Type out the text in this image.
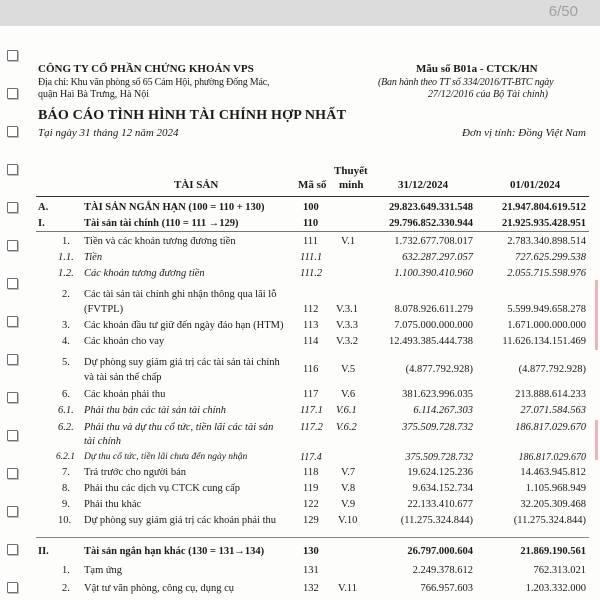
6/50
CÔNG TY CỔ PHẦN CHỨNG KHOÁN VPS
Địa chỉ: Khu văn phòng số 65 Cảm Hội, phường Đống Mác,
quận Hai Bà Trưng, Hà Nội
Mẫu số B01a - CTCK/HN
(Ban hành theo TT số 334/2016/TT-BTC ngày
27/12/2016 của Bộ Tài chính)
BÁO CÁO TÌNH HÌNH TÀI CHÍNH HỢP NHẤT
Tại ngày 31 tháng 12 năm 2024	Đơn vị tính: Đồng Việt Nam
TÀI SẢN	Mã số
Thuyết
minh	31/12/2024	01/01/2024
A.	TÀI SẢN NGẮN HẠN (100 = 110 + 130)	100	29.823.649.331.548	21.947.804.619.512
I.	Tài sản tài chính (110 = 111 →129)	110	29.796.852.330.944	21.925.935.428.951
1. Tiền và các khoản tương đương tiền	111 V.1	1.732.677.708.017	2.783.340.898.514
1.1. Tiền	111.1	632.287.297.057	727.625.299.538
1.2. Các khoản tương đương tiền	111.2	1.100.390.410.960	2.055.715.598.976
2. Các tài sản tài chính ghi nhận thông qua lãi lỗ
(FVTPL)	112 V.3.1	8.078.926.611.279	5.599.949.658.278
3. Các khoản đầu tư giữ đến ngày đáo hạn (HTM) 113 V.3.3	7.075.000.000.000	1.671.000.000.000
4. Các khoản cho vay	114 V.3.2	12.493.385.444.738	11.626.134.151.469
5. Dự phòng suy giảm giá trị các tài sản tài chính
và tài sản thế chấp
116 V.5	(4.877.792.928)	(4.877.792.928)
6. Các khoản phải thu	117 V.6	381.623.996.035	213.888.614.233
6.1. Phải thu bán các tài sản tài chính	117.1 V.6.1	6.114.267.303	27.071.584.563
6.2. Phải thu và dự thu cổ tức, tiền lãi các tài sản
tài chính
117.2 V.6.2	375.509.728.732	186.817.029.670
6.2.1 Dự thu cổ tức, tiền lãi chưa đến ngày nhận	117.4	375.509.728.732	186.817.029.670
7. Trả trước cho người bán	118 V.7	19.624.125.236	14.463.945.812
8. Phải thu các dịch vụ CTCK cung cấp	119 V.8	9.634.152.734	1.105.968.949
9. Phải thu khác	122 V.9	22.133.410.677	32.205.309.468
10. Dự phòng suy giảm giá trị các khoản phải thu	129 V.10	(11.275.324.844)	(11.275.324.844)
II.	Tài sản ngắn hạn khác (130 = 131→134)	130	26.797.000.604	21.869.190.561
1. Tạm ứng	131	2.249.378.612	762.313.021
2. Vật tư văn phòng, công cụ, dụng cụ	132 V.11	766.957.603	1.203.332.000
